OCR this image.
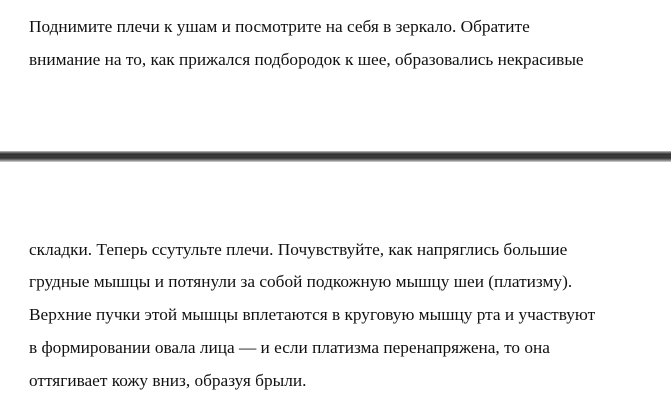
Поднимите плечи к ушам и посмотрите на себя в зеркало. Обратите
внимание на то, как прижался подбородок к шее, образовались некрасивые
складки. Теперь ссутульте плечи. Почувствуйте, как напряглись большие
грудные мышцы и потянули за собой подкожную мышцу шеи (платизму).
Верхние пучки этой мышцы вплетаются в круговую мышцу рта и участвуют
в формировании овала лица — и если платизма перенапряжена, то она
оттягивает кожу вниз, образуя брыли.
